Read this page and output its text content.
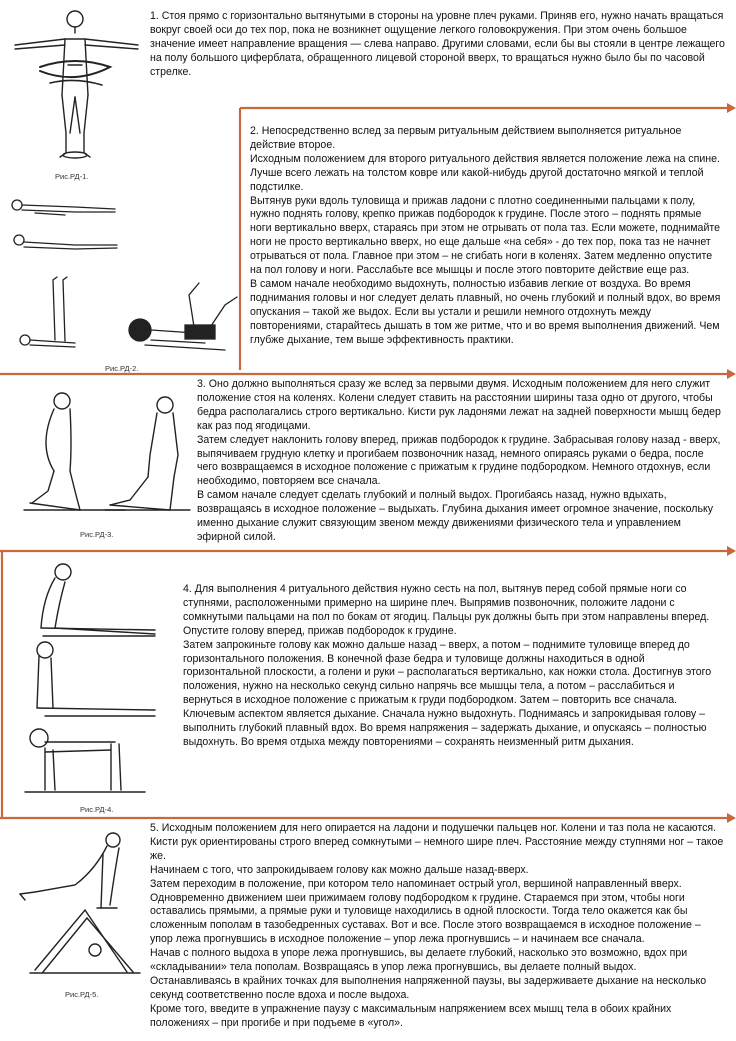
Рис.РД-1.

1. Стоя прямо с горизонтально вытянутыми в стороны на уровне плеч руками. Приняв его, нужно начать вращаться вокруг своей оси до тех пор, пока не возникнет ощущение легкого головокружения. При этом очень большое значение имеет направление вращения — слева направо. Другими словами, если бы вы стояли в центре лежащего на полу большого циферблата, обращенного лицевой стороной вверх, то вращаться нужно было бы по часовой стрелке.

Рис.РД-2.

2. Непосредственно вслед за первым ритуальным действием выполняется ритуальное действие второе.

Исходным положением для второго ритуального действия является положение лежа на спине. Лучше всего лежать на толстом ковре или какой-нибудь другой достаточно мягкой и теплой подстилке.

Вытянув руки вдоль туловища и прижав ладони с плотно соединенными пальцами к полу, нужно поднять голову, крепко прижав подбородок к грудине. После этого – поднять прямые ноги вертикально вверх, стараясь при этом не отрывать от пола таз. Если можете, поднимайте ноги не просто вертикально вверх, но еще дальше «на себя» - до тех пор, пока таз не начнет отрываться от пола. Главное при этом – не сгибать ноги в коленях. Затем медленно опустите на пол голову и ноги. Расслабьте все мышцы и после этого повторите действие еще раз.

В самом начале необходимо выдохнуть, полностью избавив легкие от воздуха. Во время поднимания головы и ног следует делать плавный, но очень глубокий и полный вдох, во время опускания – такой же выдох. Если вы устали и решили немного отдохнуть между повторениями, старайтесь дышать в том же ритме, что и во время выполнения движений. Чем глубже дыхание, тем выше эффективность практики.

Рис.РД-3.

3. Оно должно выполняться сразу же вслед за первыми двумя. Исходным положением для него служит положение стоя на коленях. Колени следует ставить на расстоянии ширины таза одно от другого, чтобы бедра располагались строго вертикально. Кисти рук ладонями лежат на задней поверхности мышц бедер как раз под ягодицами.

Затем следует наклонить голову вперед, прижав подбородок к грудине. Забрасывая голову назад - вверх, выпячиваем грудную клетку и прогибаем позвоночник назад, немного опираясь руками о бедра, после чего возвращаемся в исходное положение с прижатым к грудине подбородком. Немного отдохнув, если необходимо, повторяем все сначала.

В самом начале следует сделать глубокий и полный выдох. Прогибаясь назад, нужно вдыхать, возвращаясь в исходное положение – выдыхать. Глубина дыхания имеет огромное значение, поскольку именно дыхание служит связующим звеном между движениями физического тела и управлением эфирной силой.

Рис.РД-4.

4. Для выполнения 4 ритуального действия нужно сесть на пол, вытянув перед собой прямые ноги со ступнями, расположенными примерно на ширине плеч. Выпрямив позвоночник, положите ладони с сомкнутыми пальцами на пол по бокам от ягодиц. Пальцы рук должны быть при этом направлены вперед. Опустите голову вперед, прижав подбородок к грудине.

Затем запрокиньте голову как можно дальше назад – вверх, а потом – поднимите туловище вперед до горизонтального положения. В конечной фазе бедра и туловище должны находиться в одной горизонтальной плоскости, а голени и руки – располагаться вертикально, как ножки стола. Достигнув этого положения, нужно на несколько секунд сильно напрячь все мышцы тела, а потом – расслабиться и вернуться в исходное положение с прижатым к груди подбородком. Затем – повторить все сначала.

Ключевым аспектом является дыхание. Сначала нужно выдохнуть. Поднимаясь и запрокидывая голову – выполнить глубокий плавный вдох. Во время напряжения – задержать дыхание, и опускаясь – полностью выдохнуть. Во время отдыха между повторениями – сохранять неизменный ритм дыхания.

Рис.РД-5.

5. Исходным положением для него опирается на ладони и подушечки пальцев ног. Колени и таз пола не касаются. Кисти рук ориентированы строго вперед сомкнутыми – немного шире плеч. Расстояние между ступнями ног – такое же.

Начинаем с того, что запрокидываем голову как можно дальше назад-вверх.

Затем переходим в положение, при котором тело напоминает острый угол, вершиной направленный вверх. Одновременно движением шеи прижимаем голову подбородком к грудине. Стараемся при этом, чтобы ноги оставались прямыми, а прямые руки и туловище находились в одной плоскости. Тогда тело окажется как бы сложенным пополам в тазобедренных суставах. Вот и все. После этого возвращаемся в исходное положение – упор лежа прогнувшись в исходное положение – упор лежа прогнувшись – и начинаем все сначала.

Начав с полного выдоха в упоре лежа прогнувшись, вы делаете глубокий, насколько это возможно, вдох при «складывании» тела пополам. Возвращаясь в упор лежа прогнувшись, вы делаете полный выдох.

Останавливаясь в крайних точках для выполнения напряженной паузы, вы задерживаете дыхание на несколько секунд соответственно после вдоха и после выдоха.

Кроме того, введите в упражнение паузу с максимальным напряжением всех мышц тела в обоих крайних положениях – при прогибе и при подъеме в «угол».
